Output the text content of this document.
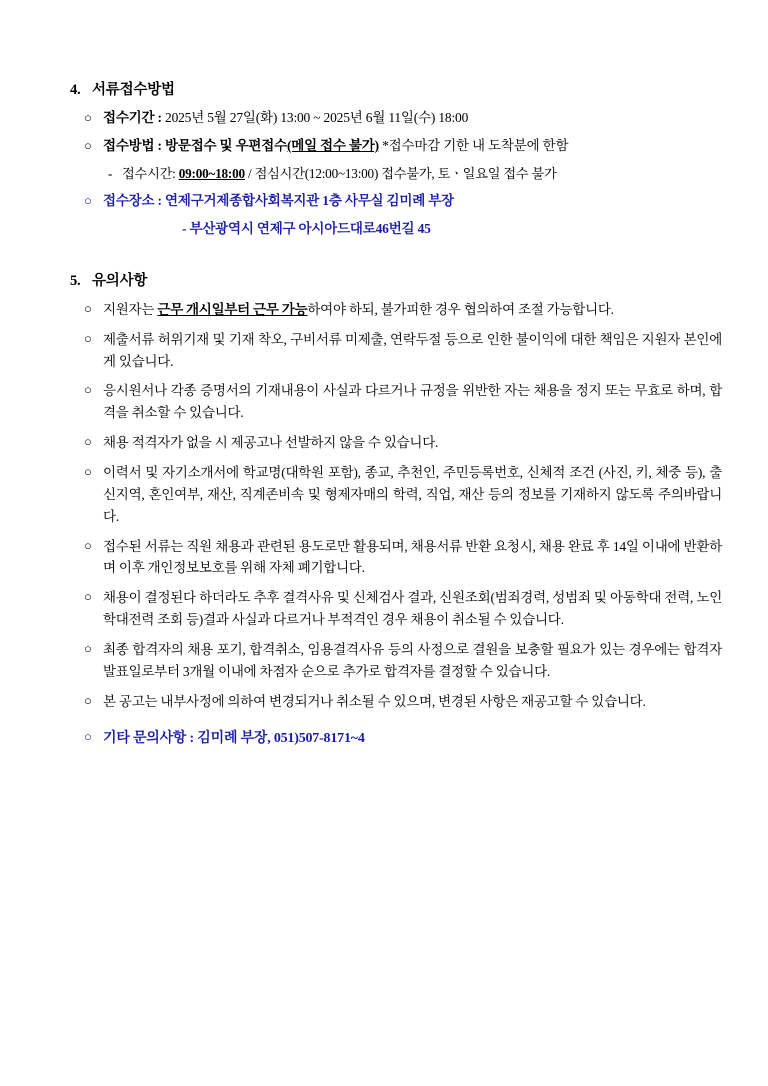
4. 서류접수방법
○ 접수기간 : 2025년 5월 27일(화) 13:00 ~ 2025년 6월 11일(수) 18:00
○ 접수방법 : 방문접수 및 우편접수(메일 접수 불가) *접수마감 기한 내 도착분에 한함
- 접수시간: 09:00~18:00 / 점심시간(12:00~13:00) 접수불가, 토ㆍ일요일 접수 불가
○ 접수장소 : 연제구거제종합사회복지관 1층 사무실 김미례 부장
- 부산광역시 연제구 아시아드대로46번길 45
5. 유의사항
○ 지원자는 근무 개시일부터 근무 가능하여야 하되, 불가피한 경우 협의하여 조절 가능합니다.
○ 제출서류 허위기재 및 기재 착오, 구비서류 미제출, 연락두절 등으로 인한 불이익에 대한 책임은 지원자 본인에게 있습니다.
○ 응시원서나 각종 증명서의 기재내용이 사실과 다르거나 규정을 위반한 자는 채용을 정지 또는 무효로 하며, 합격을 취소할 수 있습니다.
○ 채용 적격자가 없을 시 제공고나 선발하지 않을 수 있습니다.
○ 이력서 및 자기소개서에 학교명(대학원 포함), 종교, 추천인, 주민등록번호, 신체적 조건 (사진, 키, 체중 등), 출신지역, 혼인여부, 재산, 직계존비속 및 형제자매의 학력, 직업, 재산 등의 정보를 기재하지 않도록 주의바랍니다.
○ 접수된 서류는 직원 채용과 관련된 용도로만 활용되며, 채용서류 반환 요청시, 채용 완료 후 14일 이내에 반환하며 이후 개인정보보호를 위해 자체 폐기합니다.
○ 채용이 결정된다 하더라도 추후 결격사유 및 신체검사 결과, 신원조회(범죄경력, 성범죄 및 아동학대 전력, 노인학대전력 조회 등)결과 사실과 다르거나 부적격인 경우 채용이 취소될 수 있습니다.
○ 최종 합격자의 채용 포기, 합격취소, 임용결격사유 등의 사정으로 결원을 보충할 필요가 있는 경우에는 합격자 발표일로부터 3개월 이내에 차점자 순으로 추가로 합격자를 결정할 수 있습니다.
○ 본 공고는 내부사정에 의하여 변경되거나 취소될 수 있으며, 변경된 사항은 재공고할 수 있습니다.
○ 기타 문의사항 : 김미례 부장, 051)507-8171~4
